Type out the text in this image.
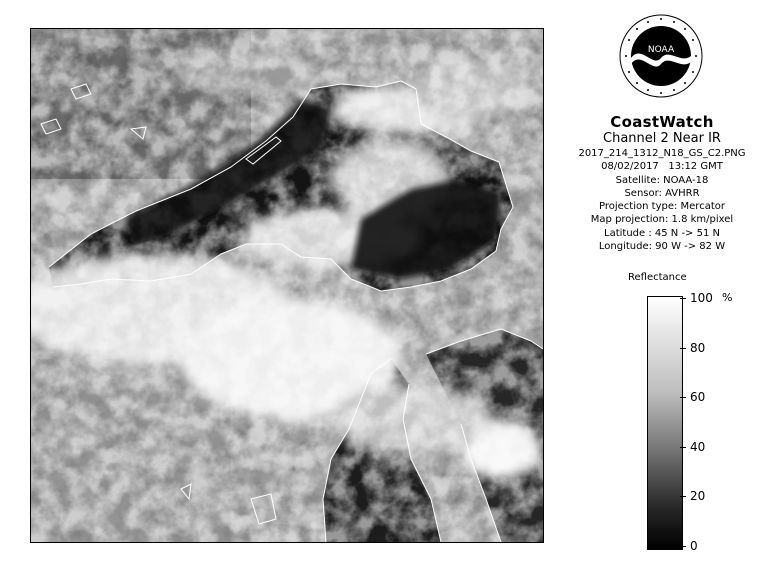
NOAA
CoastWatch
Channel 2 Near IR
2017_214_1312_N18_GS_C2.PNG
08/02/2017 13:12 GMT
Satellite: NOAA-18
Sensor: AVHRR
Projection type: Mercator
Map projection: 1.8 km/pixel
Latitude : 45 N -> 51 N
Longitude: 90 W -> 82 W
Reflectance
%
100
80
60
40
20
0
